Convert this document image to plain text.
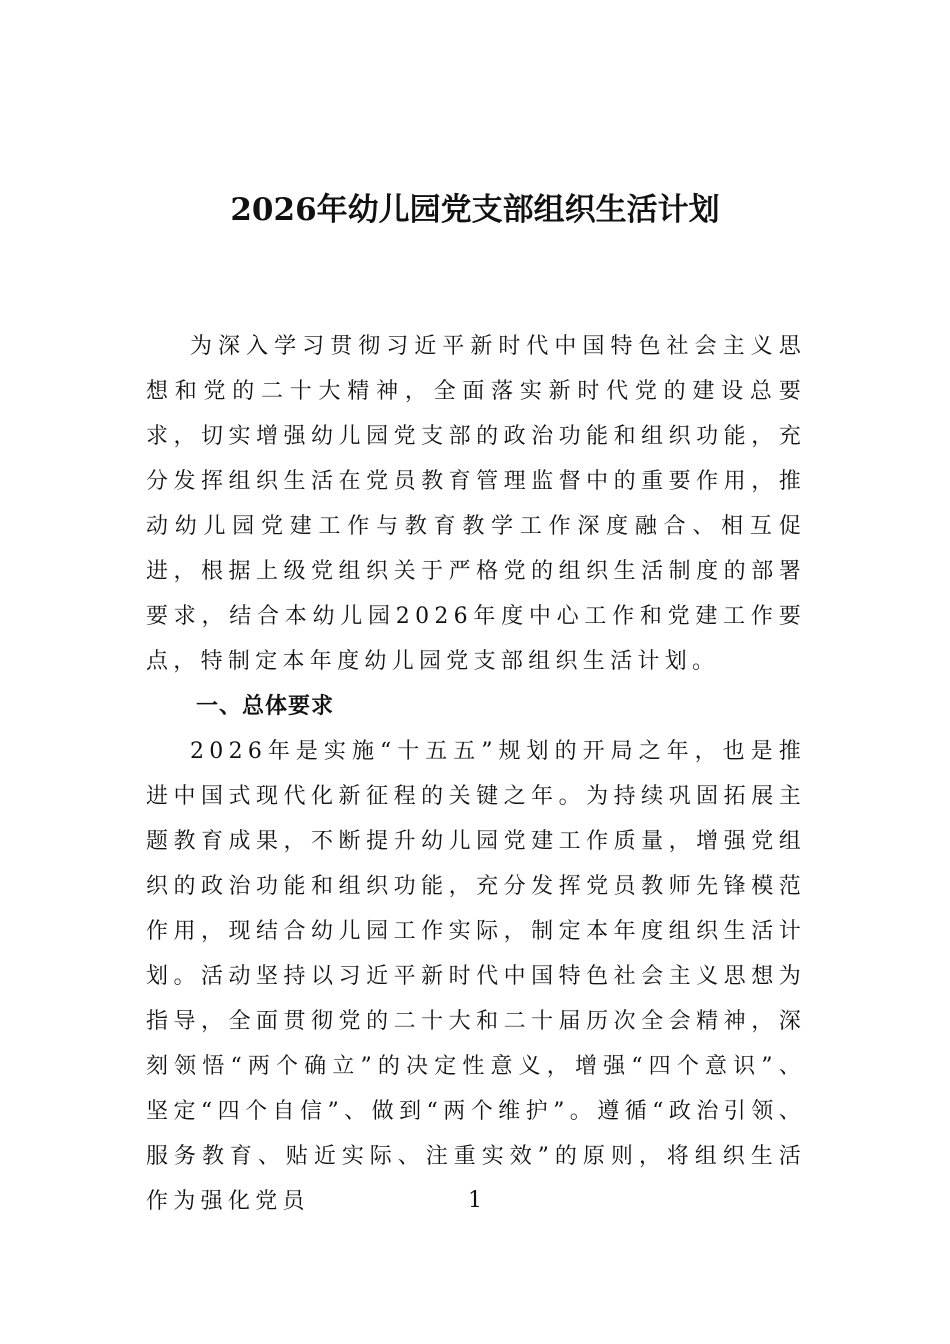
2026年幼儿园党支部组织生活计划

为深入学习贯彻习近平新时代中国特色社会主义思想和党的二十大精神，全面落实新时代党的建设总要求，切实增强幼儿园党支部的政治功能和组织功能，充分发挥组织生活在党员教育管理监督中的重要作用，推动幼儿园党建工作与教育教学工作深度融合、相互促进，根据上级党组织关于严格党的组织生活制度的部署要求，结合本幼儿园2026年度中心工作和党建工作要点，特制定本年度幼儿园党支部组织生活计划。

一、总体要求

2026年是实施“十五五”规划的开局之年，也是推进中国式现代化新征程的关键之年。为持续巩固拓展主题教育成果，不断提升幼儿园党建工作质量，增强党组织的政治功能和组织功能，充分发挥党员教师先锋模范作用，现结合幼儿园工作实际，制定本年度组织生活计划。活动坚持以习近平新时代中国特色社会主义思想为指导，全面贯彻党的二十大和二十届历次全会精神，深刻领悟“两个确立”的决定性意义，增强“四个意识”、坚定“四个自信”、做到“两个维护”。遵循“政治引领、服务教育、贴近实际、注重实效”的原则，将组织生活作为强化党员	1
